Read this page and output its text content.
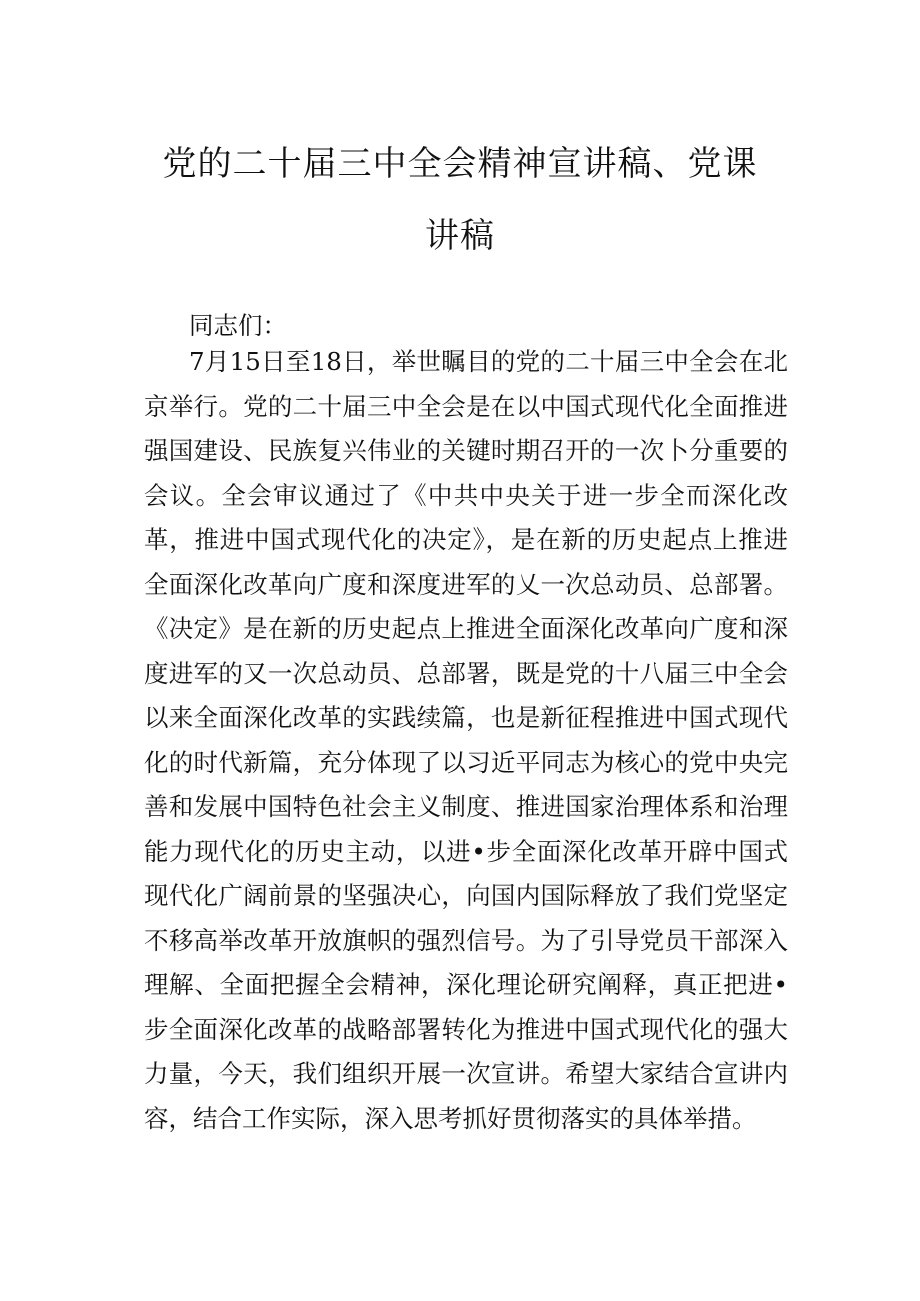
党的二十届三中全会精神宣讲稿、党课讲稿

同志们：

7月15日至18日，举世瞩目的党的二十届三中全会在北京举行。党的二十届三中全会是在以中国式现代化全面推进强国建设、民族复兴伟业的关键时期召开的一次卜分重要的会议。全会审议通过了《中共中央关于进一步全而深化改革，推进中国式现代化的决定》，是在新的历史起点上推进全面深化改革向广度和深度进军的乂一次总动员、总部署。《决定》是在新的历史起点上推进全面深化改革向广度和深度进军的又一次总动员、总部署，既是党的十八届三中全会以来全面深化改革的实践续篇，也是新征程推进中国式现代化的时代新篇，充分体现了以习近平同志为核心的党中央完善和发展中国特色社会主义制度、推进国家治理体系和治理能力现代化的历史主动，以进•步全面深化改革开辟中国式现代化广阔前景的坚强决心，向国内国际释放了我们党坚定不移高举改革开放旗帜的强烈信号。为了引导党员干部深入理解、全面把握全会精神，深化理论研究阐释，真正把进•步全面深化改革的战略部署转化为推进中国式现代化的强大力量，今天，我们组织开展一次宣讲。希望大家结合宣讲内容，结合工作实际，深入思考抓好贯彻落实的具体举措。
